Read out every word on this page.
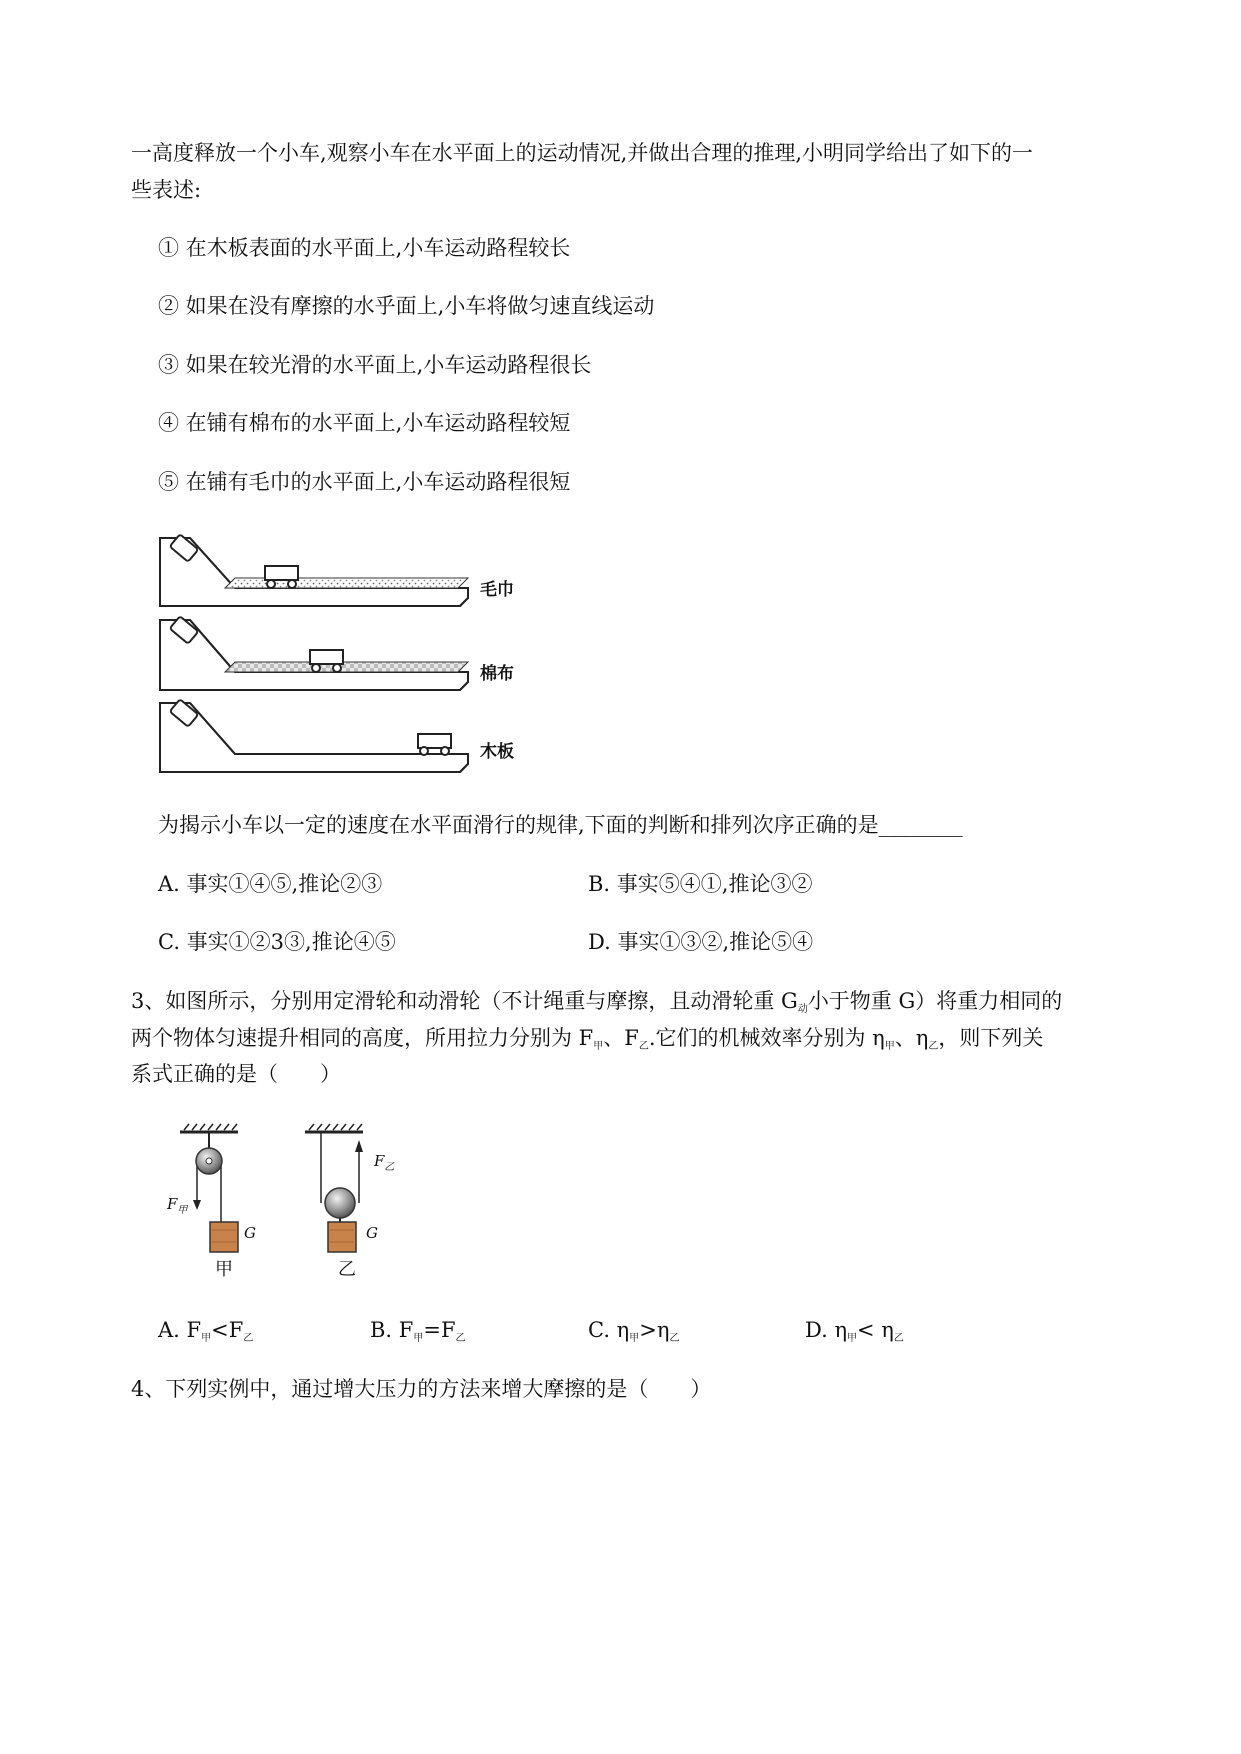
一高度释放一个小车,观察小车在水平面上的运动情况,并做出合理的推理,小明同学给出了如下的一
些表述:
① 在木板表面的水平面上,小车运动路程较长
② 如果在没有摩擦的水乎面上,小车将做匀速直线运动
③ 如果在较光滑的水平面上,小车运动路程很长
④ 在铺有棉布的水平面上,小车运动路程较短
⑤ 在铺有毛巾的水平面上,小车运动路程很短
毛巾
棉布
木板
为揭示小车以一定的速度在水平面滑行的规律,下面的判断和排列次序正确的是________
A. 事实①④⑤,推论②③	B. 事实⑤④①,推论③②
C. 事实①②3③,推论④⑤	D. 事实①③②,推论⑤④
3、如图所示，分别用定滑轮和动滑轮（不计绳重与摩擦，且动滑轮重 $G_动$小于物重 G）将重力相同的
两个物体匀速提升相同的高度，所用拉力分别为 $F_甲$、$F_乙$.它们的机械效率分别为 $\eta_甲$、$\eta_乙$，则下列关
系式正确的是（　　）
$F_甲$
$F_乙$
G	G
甲	乙
A. $F_甲<F_乙$	B. $F_甲=F_乙$	C. $\eta_甲>\eta_乙$	D. $\eta_甲< \eta_乙$
4、下列实例中，通过增大压力的方法来增大摩擦的是（　　）
